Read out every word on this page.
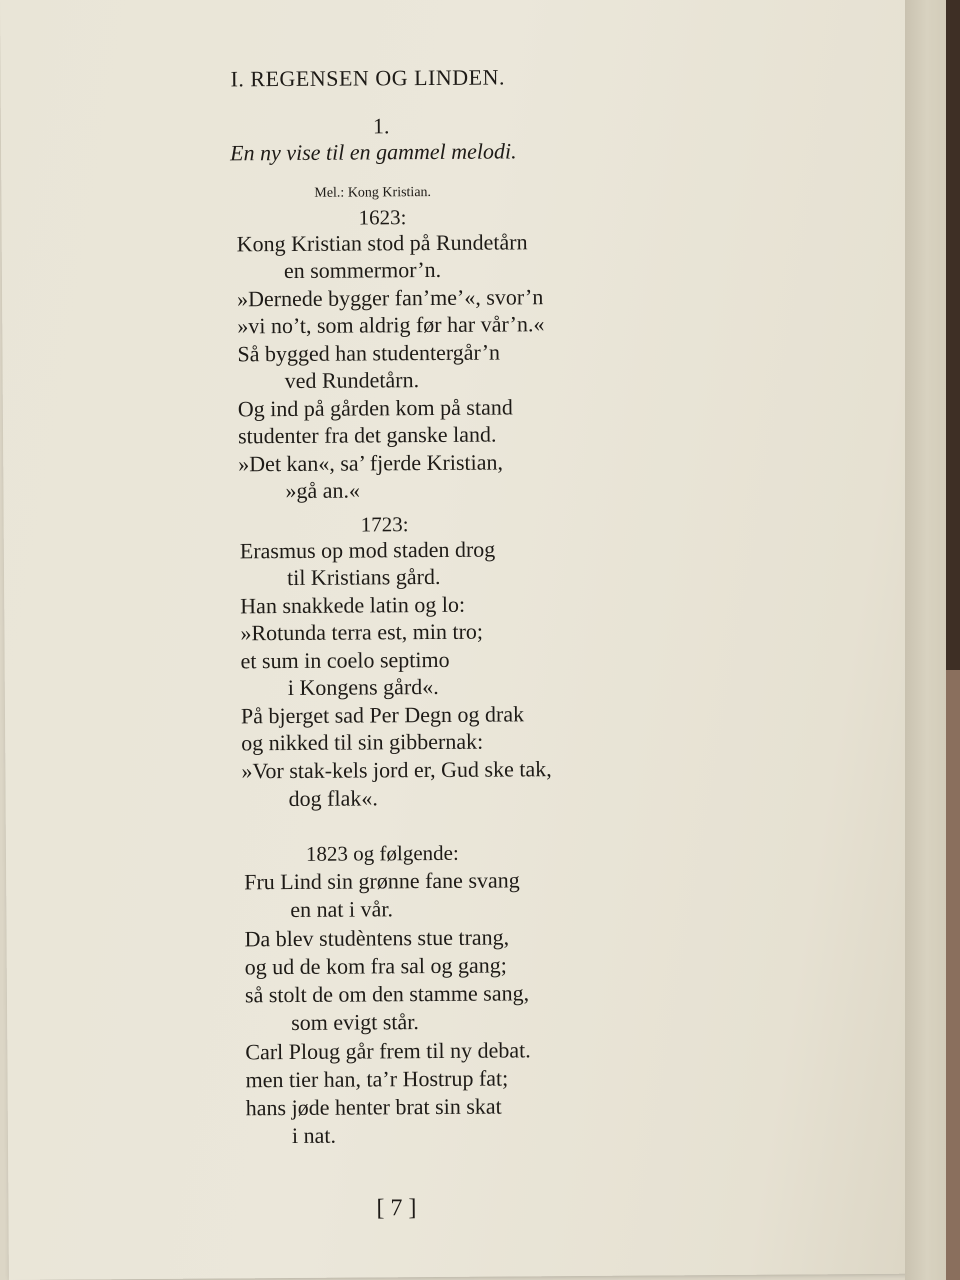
I. REGENSEN OG LINDEN.
1.
En ny vise til en gammel melodi.
Mel.: Kong Kristian.
1623:
Kong Kristian stod på Rundetårn
en sommermor’n.
»Dernede bygger fan’me’«, svor’n
»vi no’t, som aldrig før har vår’n.«
Så bygged han studentergår’n
ved Rundetårn.
Og ind på gården kom på stand
studenter fra det ganske land.
»Det kan«, sa’ fjerde Kristian,
»gå an.«
1723:
Erasmus op mod staden drog
til Kristians gård.
Han snakkede latin og lo:
»Rotunda terra est, min tro;
et sum in coelo septimo
i Kongens gård«.
På bjerget sad Per Degn og drak
og nikked til sin gibbernak:
»Vor stak-kels jord er, Gud ske tak,
dog flak«.
1823 og følgende:
Fru Lind sin grønne fane svang
en nat i vår.
Da blev studèntens stue trang,
og ud de kom fra sal og gang;
så stolt de om den stamme sang,
som evigt står.
Carl Ploug går frem til ny debat.
men tier han, ta’r Hostrup fat;
hans jøde henter brat sin skat
i nat.
[ 7 ]
